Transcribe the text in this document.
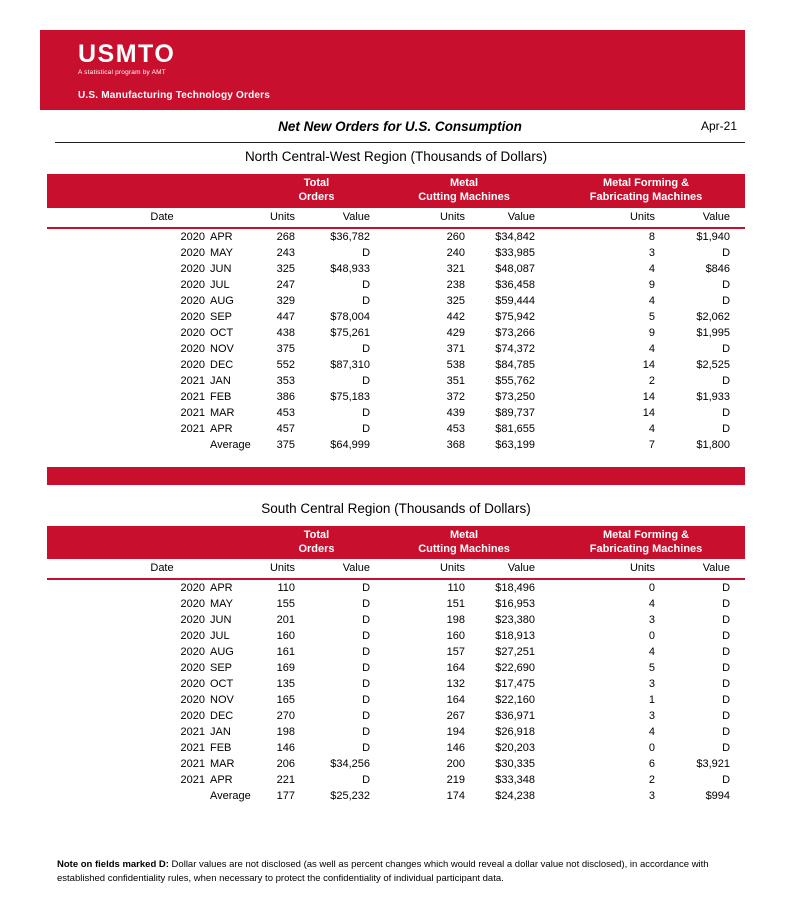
USMTO
A statistical program by AMT
U.S. Manufacturing Technology Orders
Net New Orders for U.S. Consumption	Apr-21
North Central-West Region (Thousands of Dollars)
	Total
Orders		Metal
Cutting Machines		Metal Forming &
Fabricating Machines	
Date	Units	Value	Units	Value	Units	Value
2020 APR	268	$36,782	260	$34,842	8	$1,940
2020 MAY	243	D	240	$33,985	3	D
2020 JUN	325	$48,933	321	$48,087	4	$846
2020 JUL	247	D	238	$36,458	9	D
2020 AUG	329	D	325	$59,444	4	D
2020 SEP	447	$78,004	442	$75,942	5	$2,062
2020 OCT	438	$75,261	429	$73,266	9	$1,995
2020 NOV	375	D	371	$74,372	4	D
2020 DEC	552	$87,310	538	$84,785	14	$2,525
2021 JAN	353	D	351	$55,762	2	D
2021 FEB	386	$75,183	372	$73,250	14	$1,933
2021 MAR	453	D	439	$89,737	14	D
2021 APR	457	D	453	$81,655	4	D
Average	375	$64,999	368	$63,199	7	$1,800
South Central Region (Thousands of Dollars)
	Total
Orders		Metal
Cutting Machines		Metal Forming &
Fabricating Machines	
Date	Units	Value	Units	Value	Units	Value
2020 APR	110	D	110	$18,496	0	D
2020 MAY	155	D	151	$16,953	4	D
2020 JUN	201	D	198	$23,380	3	D
2020 JUL	160	D	160	$18,913	0	D
2020 AUG	161	D	157	$27,251	4	D
2020 SEP	169	D	164	$22,690	5	D
2020 OCT	135	D	132	$17,475	3	D
2020 NOV	165	D	164	$22,160	1	D
2020 DEC	270	D	267	$36,971	3	D
2021 JAN	198	D	194	$26,918	4	D
2021 FEB	146	D	146	$20,203	0	D
2021 MAR	206	$34,256	200	$30,335	6	$3,921
2021 APR	221	D	219	$33,348	2	D
Average	177	$25,232	174	$24,238	3	$994

Note on fields marked D: Dollar values are not disclosed (as well as percent changes which would reveal a dollar value not disclosed), in accordance with established confidentiality rules, when necessary to protect the confidentiality of individual participant data.
